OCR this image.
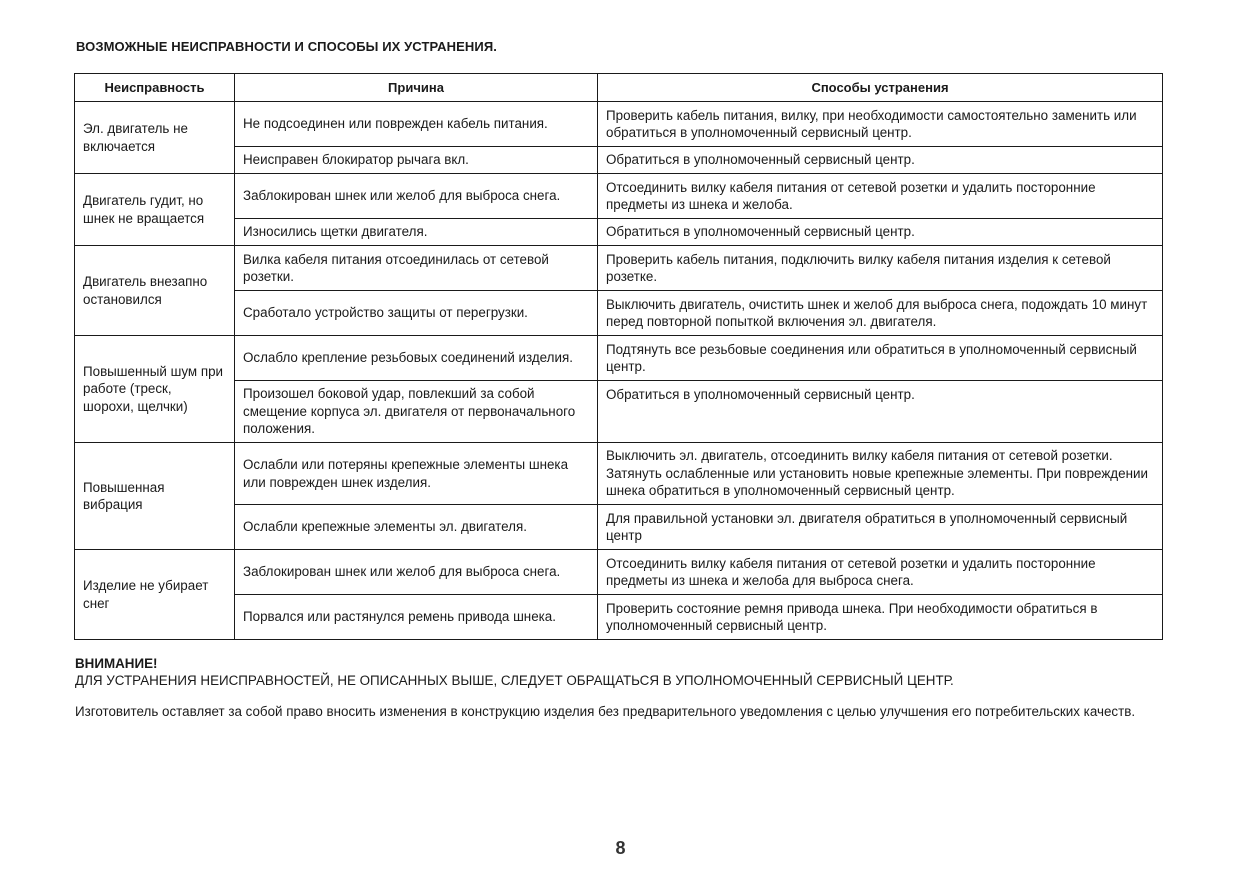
ВОЗМОЖНЫЕ НЕИСПРАВНОСТИ И СПОСОБЫ ИХ УСТРАНЕНИЯ.
Неисправность	Причина	Способы устранения
Эл. двигатель не включается	Не подсоединен или поврежден кабель питания.	Проверить кабель питания, вилку, при необходимости самостоятельно заменить или обратиться в уполномоченный сервисный центр.
	Неисправен блокиратор рычага вкл.	Обратиться в уполномоченный сервисный центр.
Двигатель гудит, но шнек не вращается	Заблокирован шнек или желоб для выброса снега.	Отсоединить вилку кабеля питания от сетевой розетки и удалить посторонние предметы из шнека и желоба.
	Износились щетки двигателя.	Обратиться в уполномоченный сервисный центр.
Двигатель внезапно остановился	Вилка кабеля питания отсоединилась от сетевой розетки.	Проверить кабель питания, подключить вилку кабеля питания изделия к сетевой розетке.
	Сработало устройство защиты от перегрузки.	Выключить двигатель, очистить шнек и желоб для выброса снега, подождать 10 минут перед повторной попыткой включения эл. двигателя.
Повышенный шум при работе (треск, шорохи, щелчки)	Ослабло крепление резьбовых соединений изделия.	Подтянуть все резьбовые соединения или обратиться в уполномоченный сервисный центр.
	Произошел боковой удар, повлекший за собой смещение корпуса эл. двигателя от первоначального положения.	Обратиться в уполномоченный сервисный центр.
Повышенная вибрация	Ослабли или потеряны крепежные элементы шнека или поврежден шнек изделия.	Выключить эл. двигатель, отсоединить вилку кабеля питания от сетевой розетки. Затянуть ослабленные или установить новые крепежные элементы. При повреждении шнека обратиться в уполномоченный сервисный центр.
	Ослабли крепежные элементы эл. двигателя.	Для правильной установки эл. двигателя обратиться в уполномоченный сервисный центр
Изделие не убирает снег	Заблокирован шнек или желоб для выброса снега.	Отсоединить вилку кабеля питания от сетевой розетки и удалить посторонние предметы из шнека и желоба для выброса снега.
	Порвался или растянулся ремень привода шнека.	Проверить состояние ремня привода шнека. При необходимости обратиться в уполномоченный сервисный центр.
ВНИМАНИЕ!
ДЛЯ УСТРАНЕНИЯ НЕИСПРАВНОСТЕЙ, НЕ ОПИСАННЫХ ВЫШЕ, СЛЕДУЕТ ОБРАЩАТЬСЯ В УПОЛНОМОЧЕННЫЙ СЕРВИСНЫЙ ЦЕНТР.
Изготовитель оставляет за собой право вносить изменения в конструкцию изделия без предварительного уведомления с целью улучшения его потребительских качеств.
8
